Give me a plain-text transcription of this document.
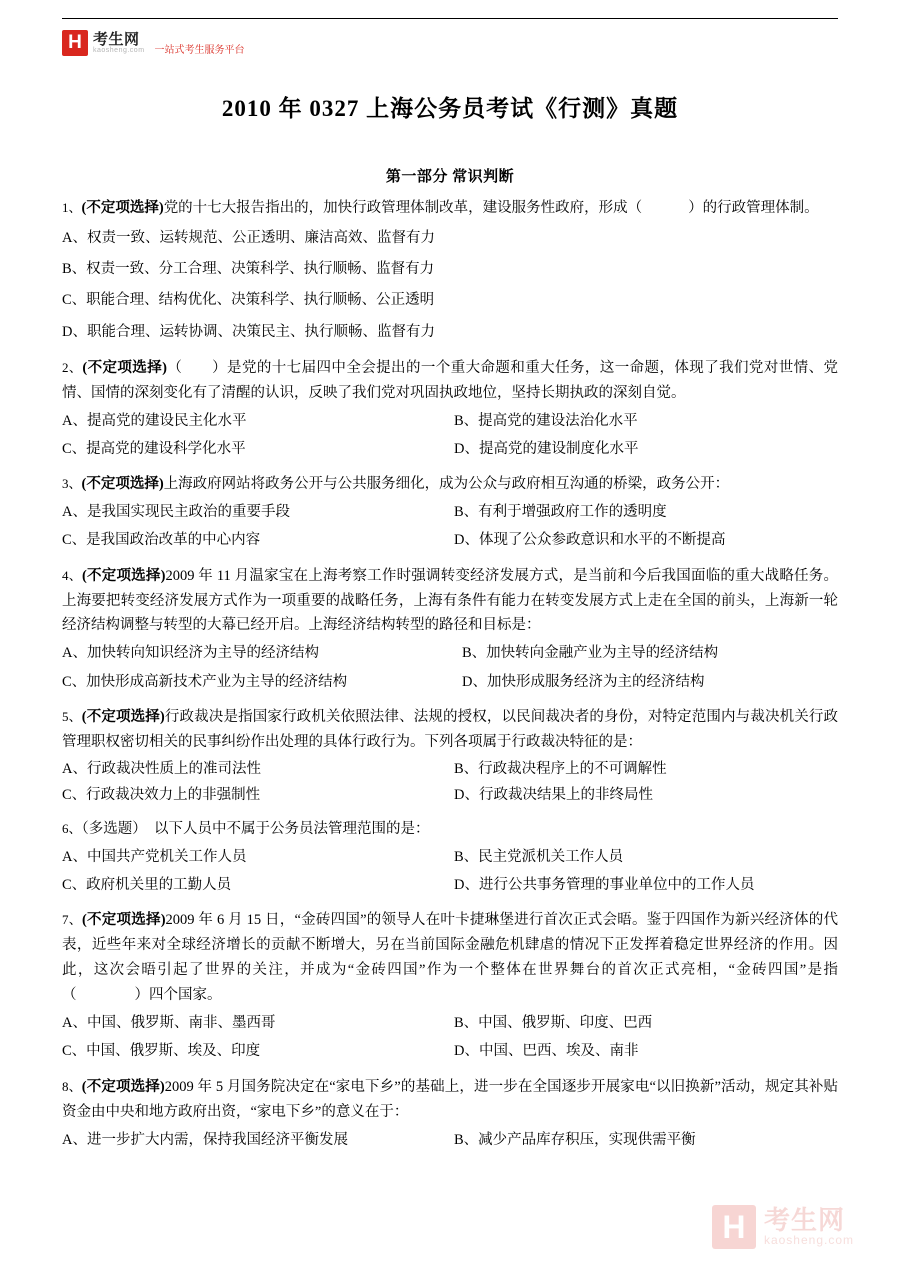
H 考生网
kaosheng.com 一站式考生服务平台
2010 年 0327 上海公务员考试《行测》真题
第一部分 常识判断
1、(不定项选择)党的十七大报告指出的，加快行政管理体制改革，建设服务性政府，形成（	）的行政管理体制。
A、权责一致、运转规范、公正透明、廉洁高效、监督有力
B、权责一致、分工合理、决策科学、执行顺畅、监督有力
C、职能合理、结构优化、决策科学、执行顺畅、公正透明
D、职能合理、运转协调、决策民主、执行顺畅、监督有力
2、(不定项选择)（　　）是党的十七届四中全会提出的一个重大命题和重大任务，这一命题，体现了我们党对世情、党情、国情的深刻变化有了清醒的认识，反映了我们党对巩固执政地位，坚持长期执政的深刻自觉。
A、提高党的建设民主化水平	B、提高党的建设法治化水平
C、提高党的建设科学化水平	D、提高党的建设制度化水平
3、(不定项选择)上海政府网站将政务公开与公共服务细化，成为公众与政府相互沟通的桥梁，政务公开：
A、是我国实现民主政治的重要手段	B、有利于增强政府工作的透明度
C、是我国政治改革的中心内容	D、体现了公众参政意识和水平的不断提高
4、(不定项选择)2009 年 11 月温家宝在上海考察工作时强调转变经济发展方式，是当前和今后我国面临的重大战略任务。上海要把转变经济发展方式作为一项重要的战略任务，上海有条件有能力在转变发展方式上走在全国的前头，上海新一轮经济结构调整与转型的大幕已经开启。上海经济结构转型的路径和目标是：
A、加快转向知识经济为主导的经济结构	B、加快转向金融产业为主导的经济结构
C、加快形成高新技术产业为主导的经济结构	D、加快形成服务经济为主的经济结构
5、(不定项选择)行政裁决是指国家行政机关依照法律、法规的授权，以民间裁决者的身份，对特定范围内与裁决机关行政管理职权密切相关的民事纠纷作出处理的具体行政行为。下列各项属于行政裁决特征的是：
A、行政裁决性质上的准司法性	B、行政裁决程序上的不可调解性
C、行政裁决效力上的非强制性	D、行政裁决结果上的非终局性
6、（多选题） 以下人员中不属于公务员法管理范围的是：
A、中国共产党机关工作人员	B、民主党派机关工作人员
C、政府机关里的工勤人员	D、进行公共事务管理的事业单位中的工作人员
7、(不定项选择)2009 年 6 月 15 日，“金砖四国”的领导人在叶卡捷琳堡进行首次正式会晤。鉴于四国作为新兴经济体的代表，近些年来对全球经济增长的贡献不断增大，另在当前国际金融危机肆虐的情况下正发挥着稳定世界经济的作用。因此，这次会晤引起了世界的关注，并成为“金砖四国”作为一个整体在世界舞台的首次正式亮相，“金砖四国”是指（　　　　）四个国家。
A、中国、俄罗斯、南非、墨西哥	B、中国、俄罗斯、印度、巴西
C、中国、俄罗斯、埃及、印度	D、中国、巴西、埃及、南非
8、(不定项选择)2009 年 5 月国务院决定在“家电下乡”的基础上，进一步在全国逐步开展家电“以旧换新”活动，规定其补贴资金由中央和地方政府出资，“家电下乡”的意义在于：
A、进一步扩大内需，保持我国经济平衡发展	B、减少产品库存积压，实现供需平衡
H 考生网
kaosheng.com
